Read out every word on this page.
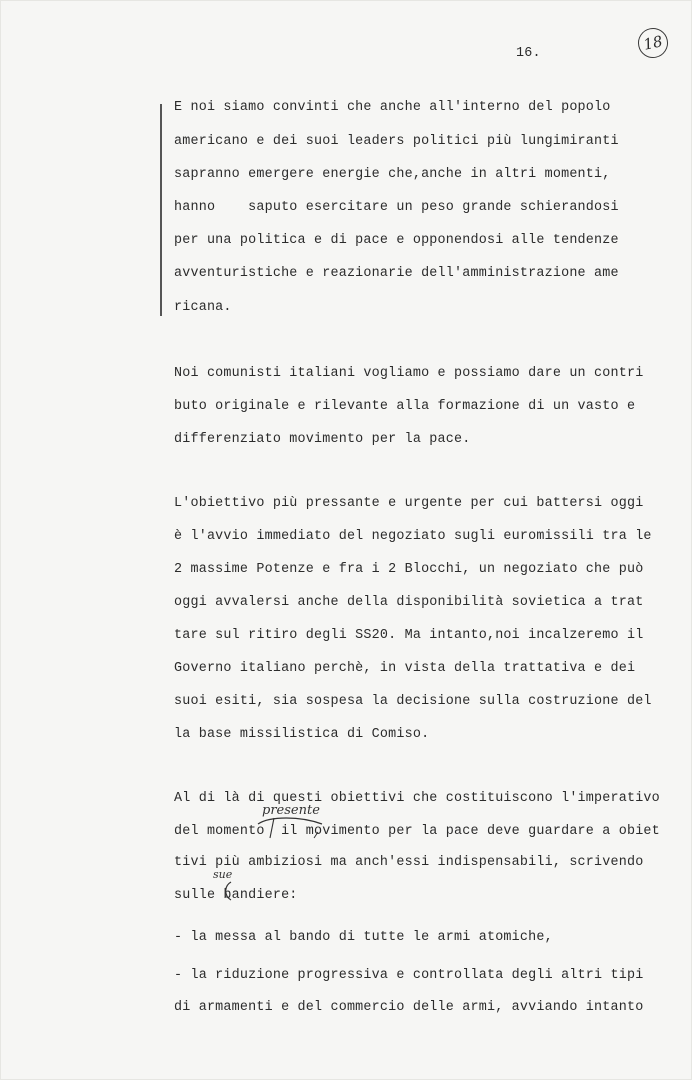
16.	18
E noi siamo convinti che anche all'interno del popolo
americano e dei suoi leaders politici più lungimiranti
sapranno emergere energie che,anche in altri momenti,
hanno    saputo esercitare un peso grande schierandosi
per una politica e di pace e opponendosi alle tendenze
avventuristiche e reazionarie dell'amministrazione ame
ricana.
Noi comunisti italiani vogliamo e possiamo dare un contri
buto originale e rilevante alla formazione di un vasto e
differenziato movimento per la pace.
L'obiettivo più pressante e urgente per cui battersi oggi
è l'avvio immediato del negoziato sugli euromissili tra le
2 massime Potenze e fra i 2 Blocchi, un negoziato che può
oggi avvalersi anche della disponibilità sovietica a trat
tare sul ritiro degli SS20. Ma intanto,noi incalzeremo il
Governo italiano perchè, in vista della trattativa e dei
suoi esiti, sia sospesa la decisione sulla costruzione del
la base missilistica di Comiso.
Al di là di questi obiettivi che costituiscono l'imperativo
del momento  il movimento per la pace deve guardare a obiet
tivi più ambiziosi ma anch'essi indispensabili, scrivendo
sulle bandiere:
- la messa al bando di tutte le armi atomiche,
- la riduzione progressiva e controllata degli altri tipi
di armamenti e del commercio delle armi, avviando intanto
presente
sue
